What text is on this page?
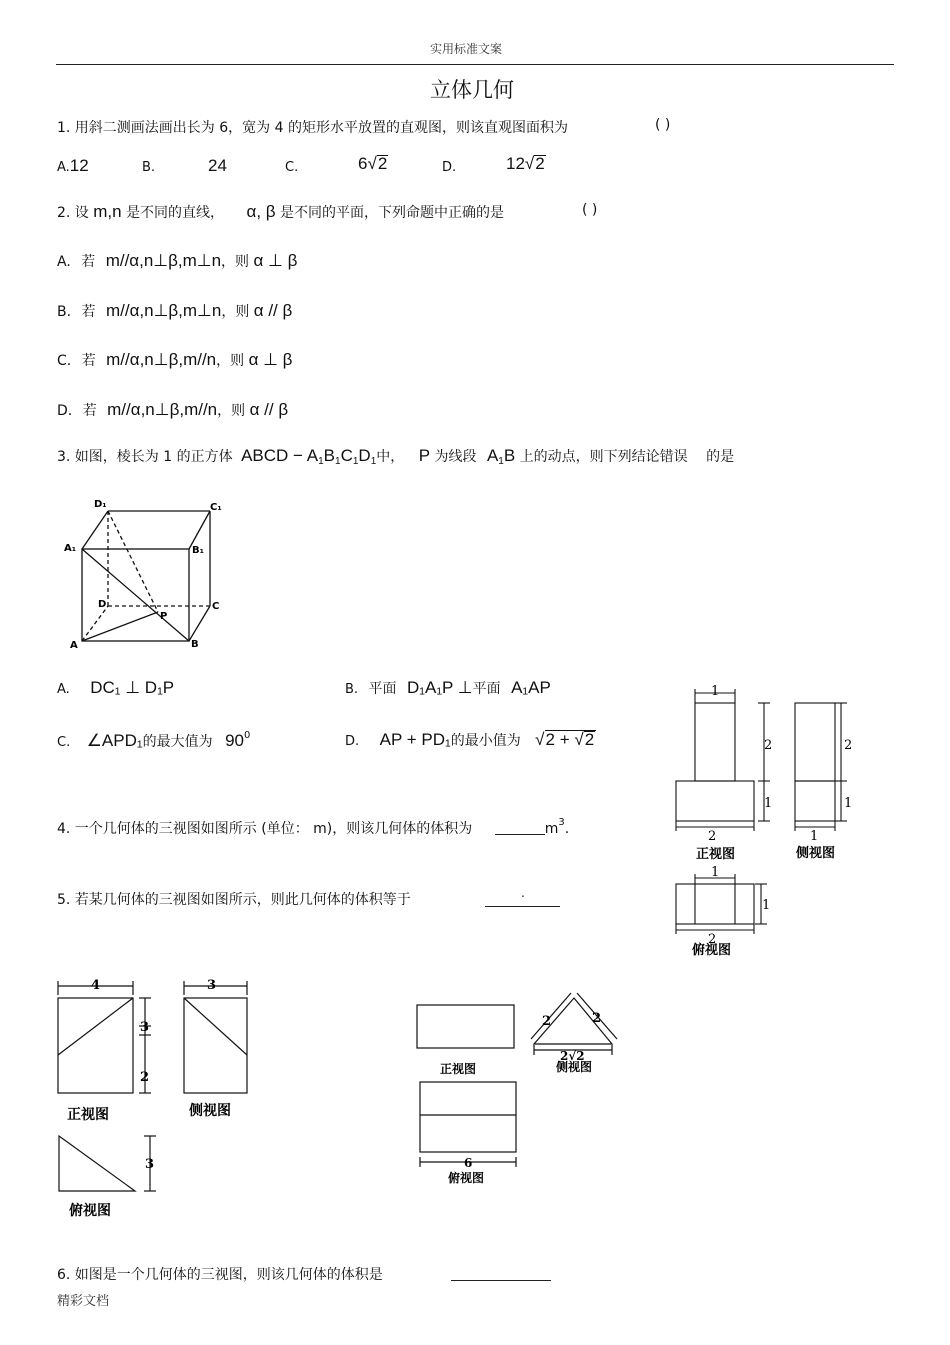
实用标准文案
立体几何
1. 用斜二测画法画出长为 6，宽为 4 的矩形水平放置的直观图，则该直观图面积为	( )
A.12	B.	24	C.	6√2	D.	12√2
2. 设 m,n 是不同的直线， α, β 是不同的平面，下列命题中正确的是	( )
A. 若 m//α,n⊥β,m⊥n，则 α ⊥ β
B. 若 m//α,n⊥β,m⊥n，则 α // β
C. 若 m//α,n⊥β,m//n，则 α ⊥ β
D. 若 m//α,n⊥β,m//n，则 α // β
3. 如图，棱长为 1 的正方体 ABCD − $A_1B_1C_1D_1$中， P 为线段 $A_1B$ 上的动点，则下列结论错误 的是
D₁	C₁
A₁	B₁
D	C
A	B
P
A. DC₁ ⊥ D₁P	B. 平面 D₁A₁P ⊥平面 A₁AP
C. ∠APD₁的最大值为 $90^0$	D. AP + PD₁的最小值为 √2 + √2
1
2
1
2
2
1
1
1
1
2
正视图	侧视图
俯视图
4. 一个几何体的三视图如图所示 (单位： m)，则该几何体的体积为	$m^3$.
5. 若某几何体的三视图如图所示，则此几何体的体积等于	.
4	3
3
2
3
正视图	侧视图
俯视图
2	2
2√2
6
正视图	侧视图
俯视图
6. 如图是一个几何体的三视图，则该几何体的体积是
精彩文档
